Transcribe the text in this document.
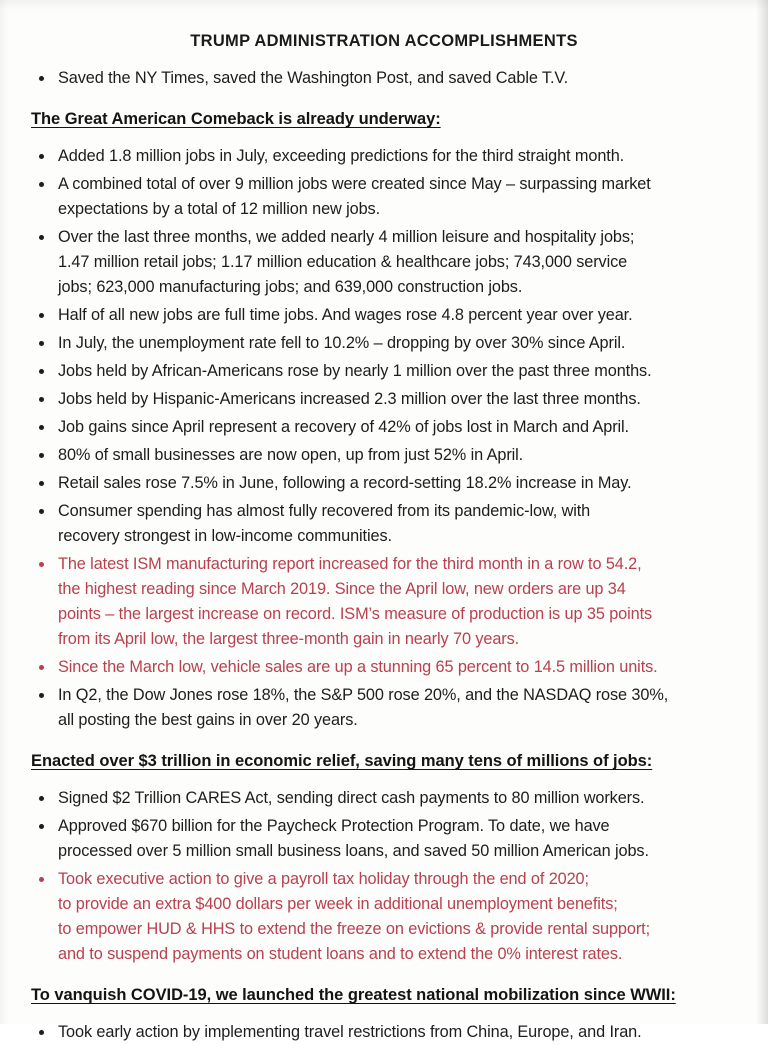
TRUMP ADMINISTRATION ACCOMPLISHMENTS
Saved the NY Times, saved the Washington Post, and saved Cable T.V.
The Great American Comeback is already underway:
Added 1.8 million jobs in July, exceeding predictions for the third straight month.
A combined total of over 9 million jobs were created since May – surpassing market
expectations by a total of 12 million new jobs.
Over the last three months, we added nearly 4 million leisure and hospitality jobs;
1.47 million retail jobs; 1.17 million education & healthcare jobs; 743,000 service
jobs; 623,000 manufacturing jobs; and 639,000 construction jobs.
Half of all new jobs are full time jobs. And wages rose 4.8 percent year over year.
In July, the unemployment rate fell to 10.2% – dropping by over 30% since April.
Jobs held by African-Americans rose by nearly 1 million over the past three months.
Jobs held by Hispanic-Americans increased 2.3 million over the last three months.
Job gains since April represent a recovery of 42% of jobs lost in March and April.
80% of small businesses are now open, up from just 52% in April.
Retail sales rose 7.5% in June, following a record-setting 18.2% increase in May.
Consumer spending has almost fully recovered from its pandemic-low, with
recovery strongest in low-income communities.
The latest ISM manufacturing report increased for the third month in a row to 54.2,
the highest reading since March 2019. Since the April low, new orders are up 34
points – the largest increase on record. ISM’s measure of production is up 35 points
from its April low, the largest three-month gain in nearly 70 years.
Since the March low, vehicle sales are up a stunning 65 percent to 14.5 million units.
In Q2, the Dow Jones rose 18%, the S&P 500 rose 20%, and the NASDAQ rose 30%,
all posting the best gains in over 20 years.
Enacted over $3 trillion in economic relief, saving many tens of millions of jobs:
Signed $2 Trillion CARES Act, sending direct cash payments to 80 million workers.
Approved $670 billion for the Paycheck Protection Program. To date, we have
processed over 5 million small business loans, and saved 50 million American jobs.
Took executive action to give a payroll tax holiday through the end of 2020;
to provide an extra $400 dollars per week in additional unemployment benefits;
to empower HUD & HHS to extend the freeze on evictions & provide rental support;
and to suspend payments on student loans and to extend the 0% interest rates.
To vanquish COVID-19, we launched the greatest national mobilization since WWII:
Took early action by implementing travel restrictions from China, Europe, and Iran.
